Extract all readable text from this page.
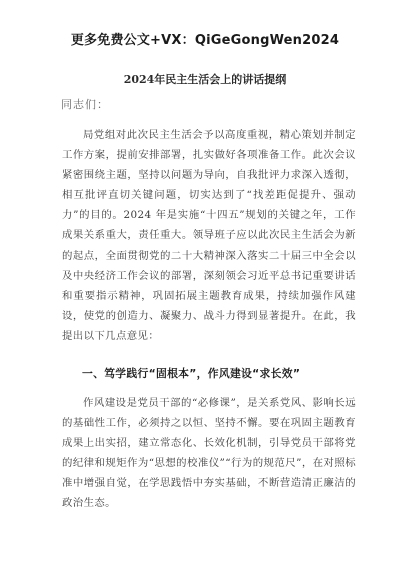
更多免费公文+VX：QiGeGongWen2024
2024年民主生活会上的讲话提纲
同志们：

局党组对此次民主生活会予以高度重视，精心策划并制定工作方案，提前安排部署，扎实做好各项准备工作。此次会议紧密围绕主题，坚持以问题为导向，自我批评力求深入透彻，相互批评直切关键问题，切实达到了“找差距促提升、强动力”的目的。2024 年是实施“十四五”规划的关键之年，工作成果关系重大，责任重大。领导班子应以此次民主生活会为新的起点，全面贯彻党的二十大精神深入落实二十届三中全会以及中央经济工作会议的部署，深刻领会习近平总书记重要讲话和重要指示精神，巩固拓展主题教育成果，持续加强作风建设，使党的创造力、凝聚力、战斗力得到显著提升。在此，我提出以下几点意见：

一、笃学践行“固根本”，作风建设“求长效”

作风建设是党员干部的“必修课”，是关系党风、影响长远的基础性工作，必须持之以恒、坚持不懈。要在巩固主题教育成果上出实招，建立常态化、长效化机制，引导党员干部将党的纪律和规矩作为“思想的校准仪”“行为的规范尺”，在对照标准中增强自觉，在学思践悟中夯实基础，不断营造清正廉洁的政治生态。
